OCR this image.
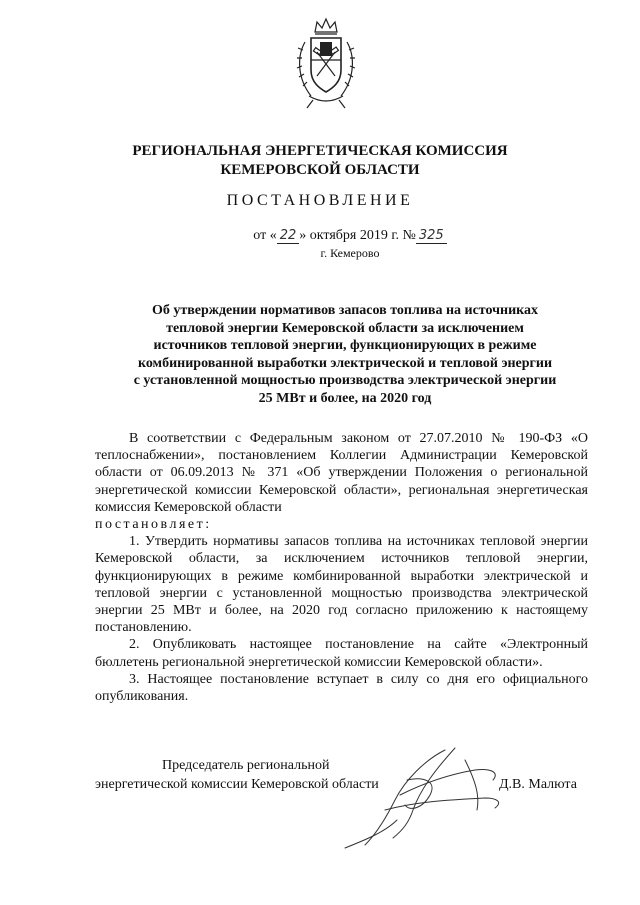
РЕГИОНАЛЬНАЯ ЭНЕРГЕТИЧЕСКАЯ КОМИССИЯ
КЕМЕРОВСКОЙ ОБЛАСТИ
ПОСТАНОВЛЕНИЕ
от « 22 » октября 2019 г. № 325
г. Кемерово
Об утверждении нормативов запасов топлива на источниках
тепловой энергии Кемеровской области за исключением
источников тепловой энергии, функционирующих в режиме
комбинированной выработки электрической и тепловой энергии
с установленной мощностью производства электрической энергии
25 МВт и более, на 2020 год

В соответствии с Федеральным законом от 27.07.2010 № 190-ФЗ «О теплоснабжении», постановлением Коллегии Администрации Кемеровской области от 06.09.2013 № 371 «Об утверждении Положения о региональной энергетической комиссии Кемеровской области», региональная энергетическая комиссия Кемеровской области

постановляет:

1. Утвердить нормативы запасов топлива на источниках тепловой энергии Кемеровской области, за исключением источников тепловой энергии, функционирующих в режиме комбинированной выработки электрической и тепловой энергии с установленной мощностью производства электрической энергии 25 МВт и более, на 2020 год согласно приложению к настоящему постановлению.

2. Опубликовать настоящее постановление на сайте «Электронный бюллетень региональной энергетической комиссии Кемеровской области».

3. Настоящее постановление вступает в силу со дня его официального опубликования.

Председатель региональной
энергетической комиссии Кемеровской области	Д.В. Малюта
